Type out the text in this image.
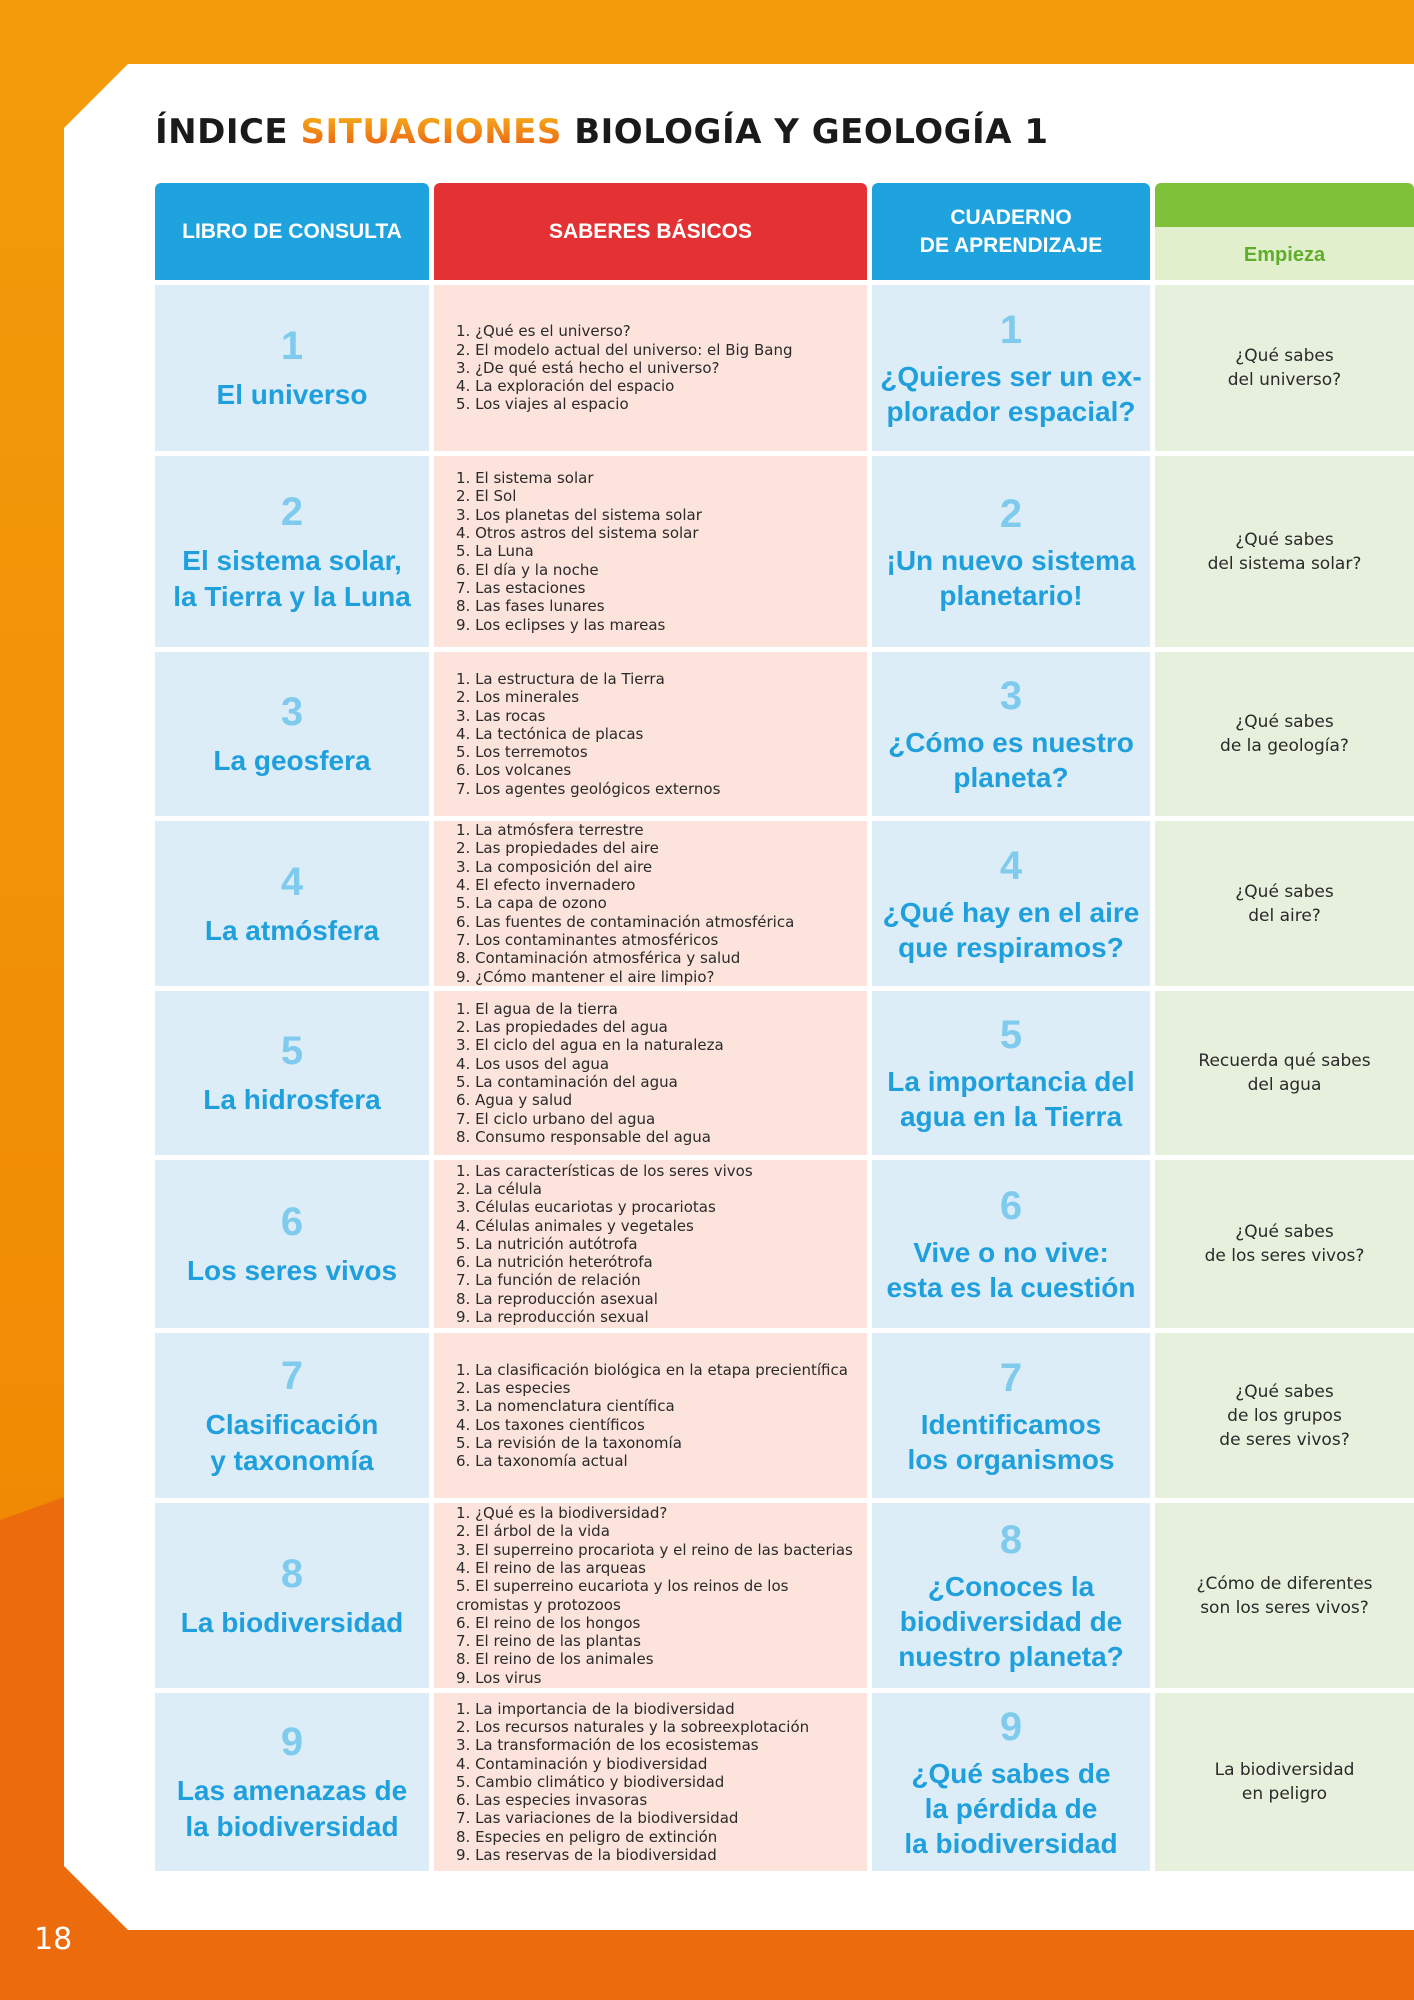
18
ÍNDICE SITUACIONES BIOLOGÍA Y GEOLOGÍA 1
LIBRO DE CONSULTA	SABERES BÁSICOS
CUADERNO
DE APRENDIZAJE	Empieza
1
El universo
1. ¿Qué es el universo?
2. El modelo actual del universo: el Big Bang
3. ¿De qué está hecho el universo?
4. La exploración del espacio
5. Los viajes al espacio
1
¿Quieres ser un ex-
plorador espacial?
¿Qué sabes
del universo?
2
El sistema solar,
la Tierra y la Luna
1. El sistema solar
2. El Sol
3. Los planetas del sistema solar
4. Otros astros del sistema solar
5. La Luna
6. El día y la noche
7. Las estaciones
8. Las fases lunares
9. Los eclipses y las mareas
2
¡Un nuevo sistema
planetario!
¿Qué sabes
del sistema solar?
3
La geosfera
1. La estructura de la Tierra
2. Los minerales
3. Las rocas
4. La tectónica de placas
5. Los terremotos
6. Los volcanes
7. Los agentes geológicos externos
3
¿Cómo es nuestro
planeta?
¿Qué sabes
de la geología?
4
La atmósfera
1. La atmósfera terrestre
2. Las propiedades del aire
3. La composición del aire
4. El efecto invernadero
5. La capa de ozono
6. Las fuentes de contaminación atmosférica
7. Los contaminantes atmosféricos
8. Contaminación atmosférica y salud
9. ¿Cómo mantener el aire limpio?
4
¿Qué hay en el aire
que respiramos?
¿Qué sabes
del aire?
5
La hidrosfera
1. El agua de la tierra
2. Las propiedades del agua
3. El ciclo del agua en la naturaleza
4. Los usos del agua
5. La contaminación del agua
6. Agua y salud
7. El ciclo urbano del agua
8. Consumo responsable del agua
5
La importancia del
agua en la Tierra
Recuerda qué sabes
del agua
6
Los seres vivos
1. Las características de los seres vivos
2. La célula
3. Células eucariotas y procariotas
4. Células animales y vegetales
5. La nutrición autótrofa
6. La nutrición heterótrofa
7. La función de relación
8. La reproducción asexual
9. La reproducción sexual
6
Vive o no vive:
esta es la cuestión
¿Qué sabes
de los seres vivos?
7
Clasificación
y taxonomía
1. La clasificación biológica en la etapa precientífica
2. Las especies
3. La nomenclatura científica
4. Los taxones científicos
5. La revisión de la taxonomía
6. La taxonomía actual
7
Identificamos
los organismos
¿Qué sabes
de los grupos
de seres vivos?
8
La biodiversidad
1. ¿Qué es la biodiversidad?
2. El árbol de la vida
3. El superreino procariota y el reino de las bacterias
4. El reino de las arqueas
5. El superreino eucariota y los reinos de los
cromistas y protozoos
6. El reino de los hongos
7. El reino de las plantas
8. El reino de los animales
9. Los virus
8
¿Conoces la
biodiversidad de
nuestro planeta?
¿Cómo de diferentes
son los seres vivos?
9
Las amenazas de
la biodiversidad
1. La importancia de la biodiversidad
2. Los recursos naturales y la sobreexplotación
3. La transformación de los ecosistemas
4. Contaminación y biodiversidad
5. Cambio climático y biodiversidad
6. Las especies invasoras
7. Las variaciones de la biodiversidad
8. Especies en peligro de extinción
9. Las reservas de la biodiversidad
9
¿Qué sabes de
la pérdida de
la biodiversidad
La biodiversidad
en peligro
